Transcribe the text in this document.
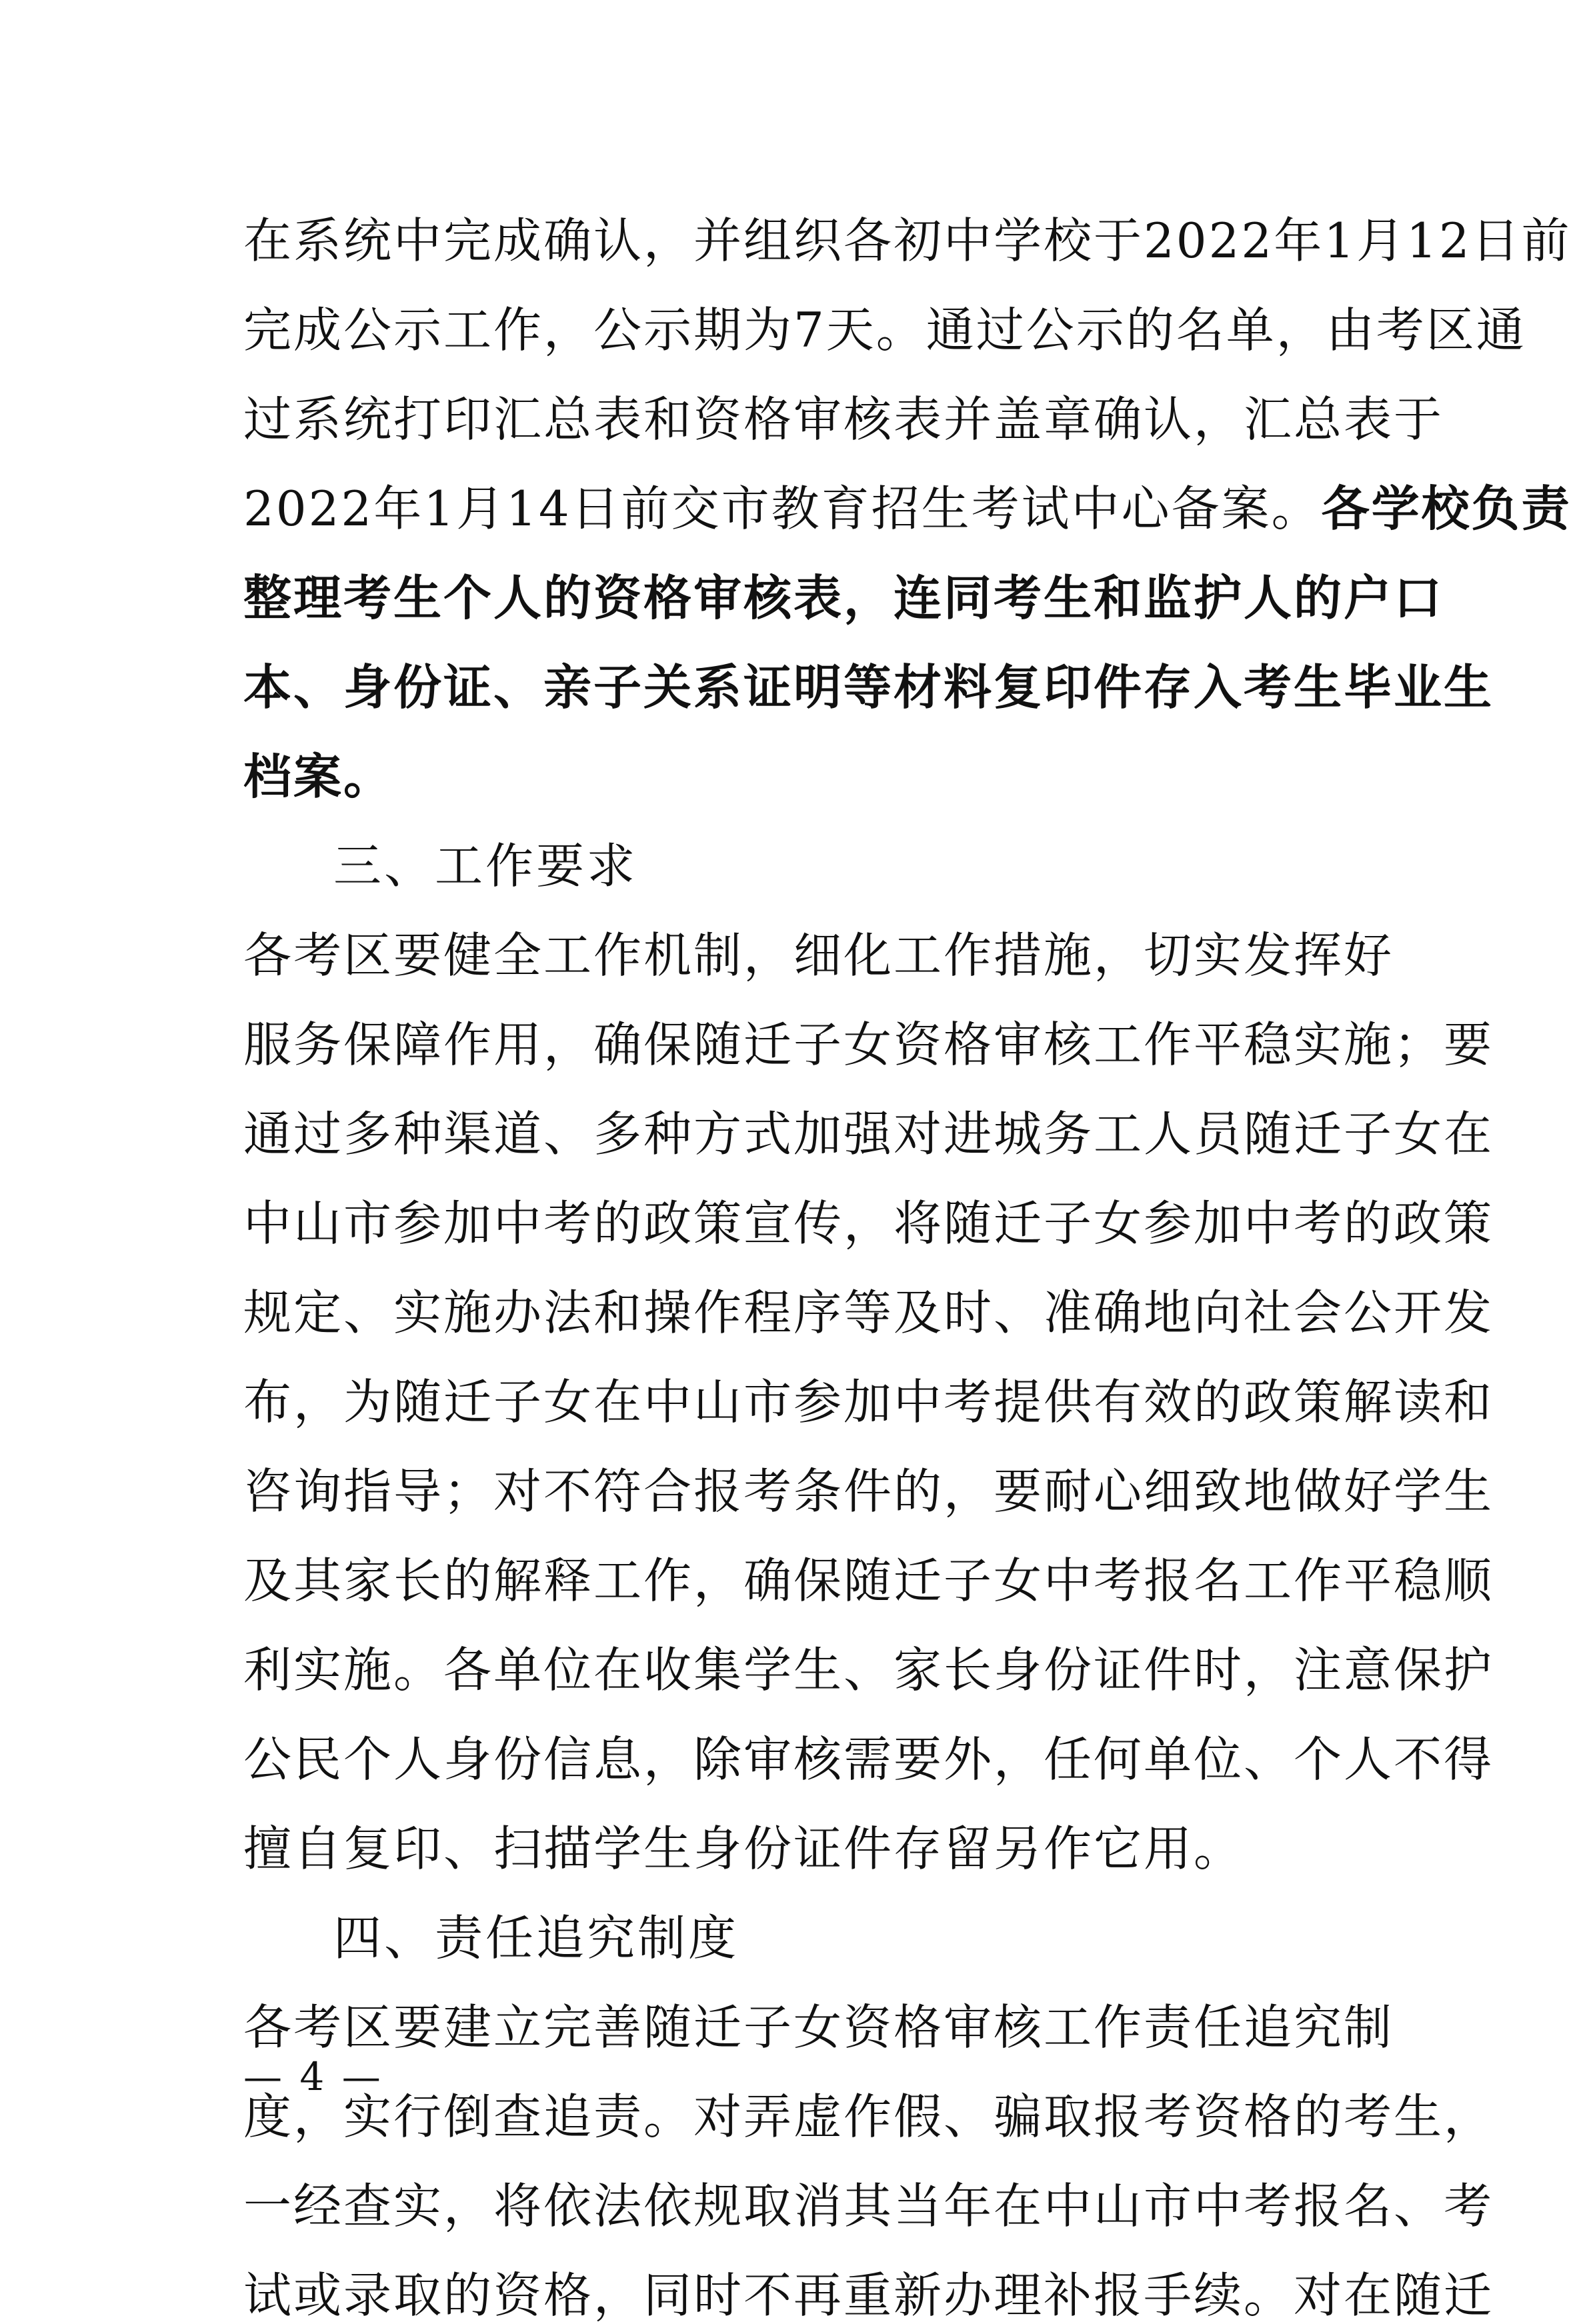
在系统中完成确认，并组织各初中学校于2022年1月12日前
完成公示工作，公示期为7天。通过公示的名单，由考区通
过系统打印汇总表和资格审核表并盖章确认，汇总表于
2022年1月14日前交市教育招生考试中心备案。各学校负责
整理考生个人的资格审核表，连同考生和监护人的户口
本、身份证、亲子关系证明等材料复印件存入考生毕业生
档案。
三、工作要求
各考区要健全工作机制，细化工作措施，切实发挥好
服务保障作用，确保随迁子女资格审核工作平稳实施；要
通过多种渠道、多种方式加强对进城务工人员随迁子女在
中山市参加中考的政策宣传，将随迁子女参加中考的政策
规定、实施办法和操作程序等及时、准确地向社会公开发
布，为随迁子女在中山市参加中考提供有效的政策解读和
咨询指导；对不符合报考条件的，要耐心细致地做好学生
及其家长的解释工作，确保随迁子女中考报名工作平稳顺
利实施。各单位在收集学生、家长身份证件时，注意保护
公民个人身份信息，除审核需要外，任何单位、个人不得
擅自复印、扫描学生身份证件存留另作它用。
— 4 —
四、责任追究制度
各考区要建立完善随迁子女资格审核工作责任追究制
度，实行倒查追责。对弄虚作假、骗取报考资格的考生，
一经查实，将依法依规取消其当年在中山市中考报名、考
试或录取的资格，同时不再重新办理补报手续。对在随迁
